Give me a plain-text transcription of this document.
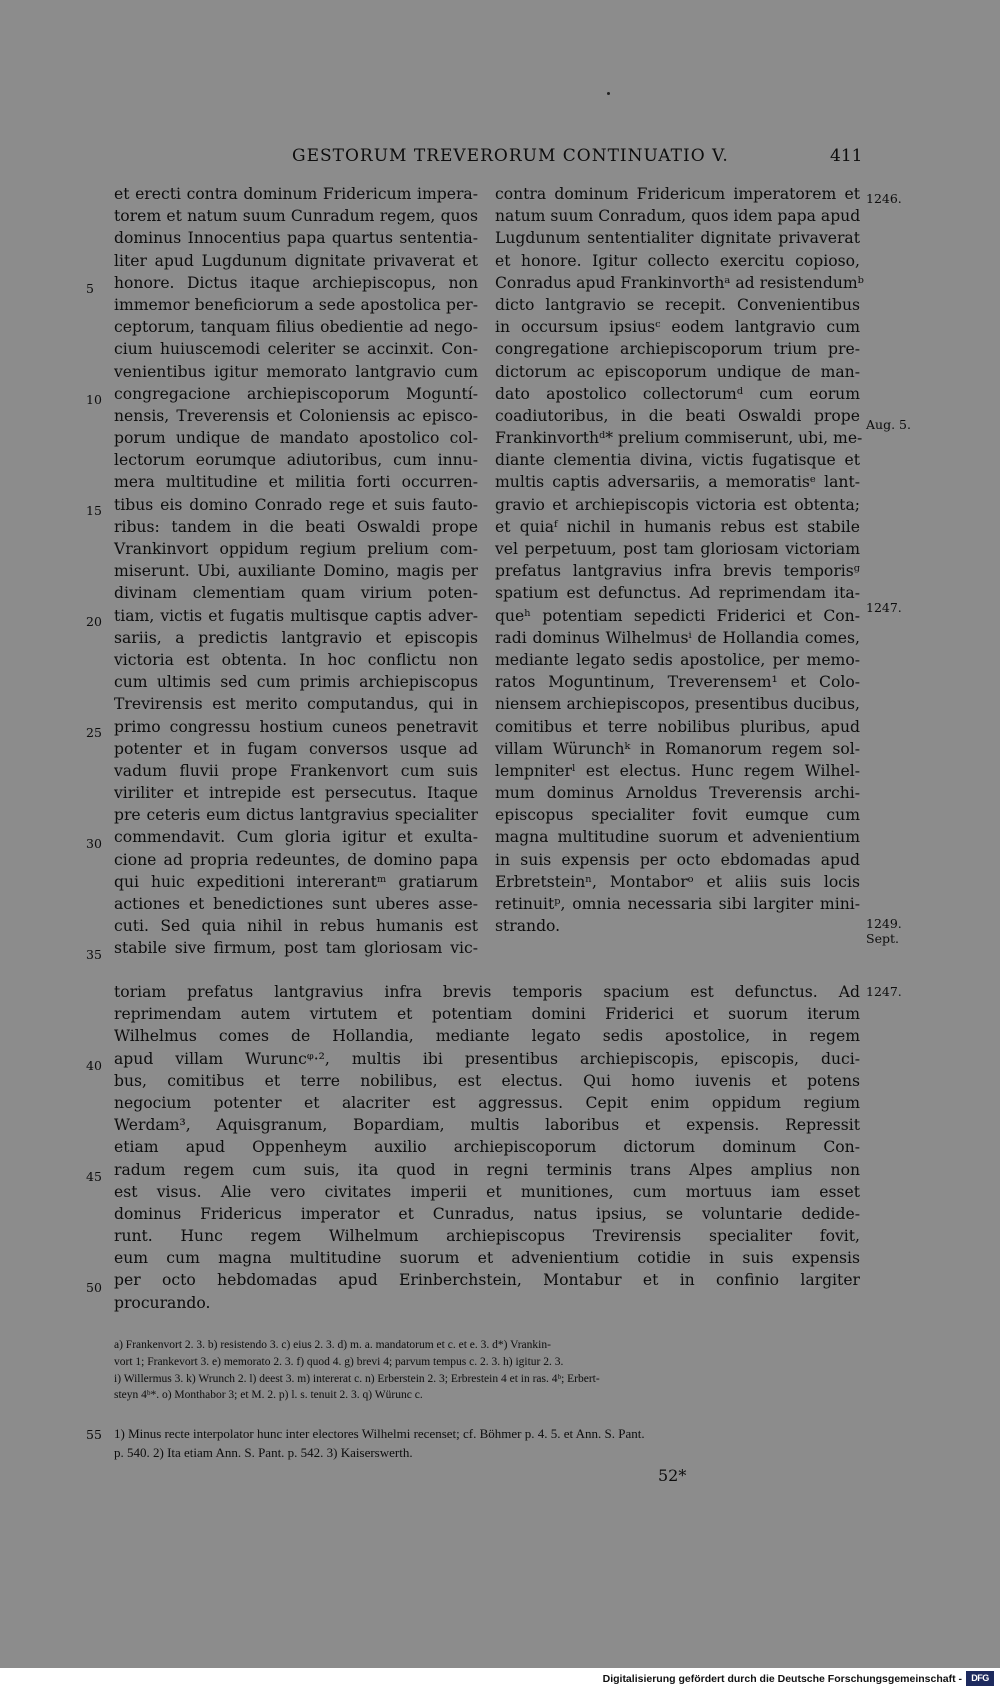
GESTORUM TREVERORUM CONTINUATIO V.	411
et erecti contra dominum Fridericum impera-
torem et natum suum Cunradum regem, quos
dominus Innocentius papa quartus sententia-
liter apud Lugdunum dignitate privaverat et
honore. Dictus itaque archiepiscopus, non
immemor beneficiorum a sede apostolica per-
ceptorum, tanquam filius obedientie ad nego-
cium huiuscemodi celeriter se accinxit. Con-
venientibus igitur memorato lantgravio cum
congregacione archiepiscoporum Moguntí-
nensis, Treverensis et Coloniensis ac episco-
porum undique de mandato apostolico col-
lectorum eorumque adiutoribus, cum innu-
mera multitudine et militia forti occurren-
tibus eis domino Conrado rege et suis fauto-
ribus: tandem in die beati Oswaldi prope
Vrankinvort oppidum regium prelium com-
miserunt. Ubi, auxiliante Domino, magis per
divinam clementiam quam virium poten-
tiam, victis et fugatis multisque captis adver-
sariis, a predictis lantgravio et episcopis
victoria est obtenta. In hoc conflictu non
cum ultimis sed cum primis archiepiscopus
Trevirensis est merito computandus, qui in
primo congressu hostium cuneos penetravit
potenter et in fugam conversos usque ad
vadum fluvii prope Frankenvort cum suis
viriliter et intrepide est persecutus. Itaque
pre ceteris eum dictus lantgravius specialiter
commendavit. Cum gloria igitur et exulta-
cione ad propria redeuntes, de domino papa
qui huic expeditioni intererantᵐ gratiarum
actiones et benedictiones sunt uberes asse-
cuti. Sed quia nihil in rebus humanis est
stabile sive firmum, post tam gloriosam vic-
contra dominum Fridericum imperatorem et
natum suum Conradum, quos idem papa apud
Lugdunum sententialiter dignitate privaverat
et honore. Igitur collecto exercitu copioso,
Conradus apud Frankinvorthᵃ ad resistendumᵇ
dicto lantgravio se recepit. Convenientibus
in occursum ipsiusᶜ eodem lantgravio cum
congregatione archiepiscoporum trium pre-
dictorum ac episcoporum undique de man-
dato apostolico collectorumᵈ cum eorum
coadiutoribus, in die beati Oswaldi prope
Frankinvorthᵈ* prelium commiserunt, ubi, me-
diante clementia divina, victis fugatisque et
multis captis adversariis, a memoratisᵉ lant-
gravio et archiepiscopis victoria est obtenta;
et quiaᶠ nichil in humanis rebus est stabile
vel perpetuum, post tam gloriosam victoriam
prefatus lantgravius infra brevis temporisᵍ
spatium est defunctus. Ad reprimendam ita-
queʰ potentiam sepedicti Friderici et Con-
radi dominus Wilhelmusⁱ de Hollandia comes,
mediante legato sedis apostolice, per memo-
ratos Moguntinum, Treverensem¹ et Colo-
niensem archiepiscopos, presentibus ducibus,
comitibus et terre nobilibus pluribus, apud
villam Würunchᵏ in Romanorum regem sol-
lempniterˡ est electus. Hunc regem Wilhel-
mum dominus Arnoldus Treverensis archi-
episcopus specialiter fovit eumque cum
magna multitudine suorum et advenientium
in suis expensis per octo ebdomadas apud
Erbretsteinⁿ, Montaborᵒ et aliis suis locis
retinuitᵖ, omnia necessaria sibi largiter mini-
strando.
toriam prefatus lantgravius infra brevis temporis spacium est defunctus. Ad
reprimendam autem virtutem et potentiam domini Friderici et suorum iterum
Wilhelmus comes de Hollandia, mediante legato sedis apostolice, in regem
apud villam Wuruncᵠ·², multis ibi presentibus archiepiscopis, episcopis, duci-
bus, comitibus et terre nobilibus, est electus. Qui homo iuvenis et potens
negocium potenter et alacriter est aggressus. Cepit enim oppidum regium
Werdam³, Aquisgranum, Bopardiam, multis laboribus et expensis. Repressit
etiam apud Oppenheym auxilio archiepiscoporum dictorum dominum Con-
radum regem cum suis, ita quod in regni terminis trans Alpes amplius non
est visus. Alie vero civitates imperii et munitiones, cum mortuus iam esset
dominus Fridericus imperator et Cunradus, natus ipsius, se voluntarie dedide-
runt. Hunc regem Wilhelmum archiepiscopus Trevirensis specialiter fovit,
eum cum magna multitudine suorum et advenientium cotidie in suis expensis
per octo hebdomadas apud Erinberchstein, Montabur et in confinio largiter
procurando.
5
10
15
20
25
30
35
40
45
50
1246.
Aug. 5.
1247.
1249.
Sept.
1247.
a) Frankenvort 2. 3. b) resistendo 3. c) eius 2. 3. d) m. a. mandatorum et c. et e. 3. d*) Vrankin-
vort 1; Frankevort 3. e) memorato 2. 3. f) quod 4. g) brevi 4; parvum tempus c. 2. 3. h) igitur 2. 3.
i) Willermus 3. k) Wrunch 2. l) deest 3. m) intererat c. n) Erberstein 2. 3; Erbrestein 4 et in ras. 4ᵇ; Erbert-
steyn 4ᵇ*. o) Monthabor 3; et M. 2. p) l. s. tenuit 2. 3. q) Würunc c.
55 1) Minus recte interpolator hunc inter electores Wilhelmi recenset; cf. Böhmer p. 4. 5. et Ann. S. Pant.
p. 540. 2) Ita etiam Ann. S. Pant. p. 542. 3) Kaiserswerth.
52*
Digitalisierung gefördert durch die Deutsche Forschungsgemeinschaft -	DFG
